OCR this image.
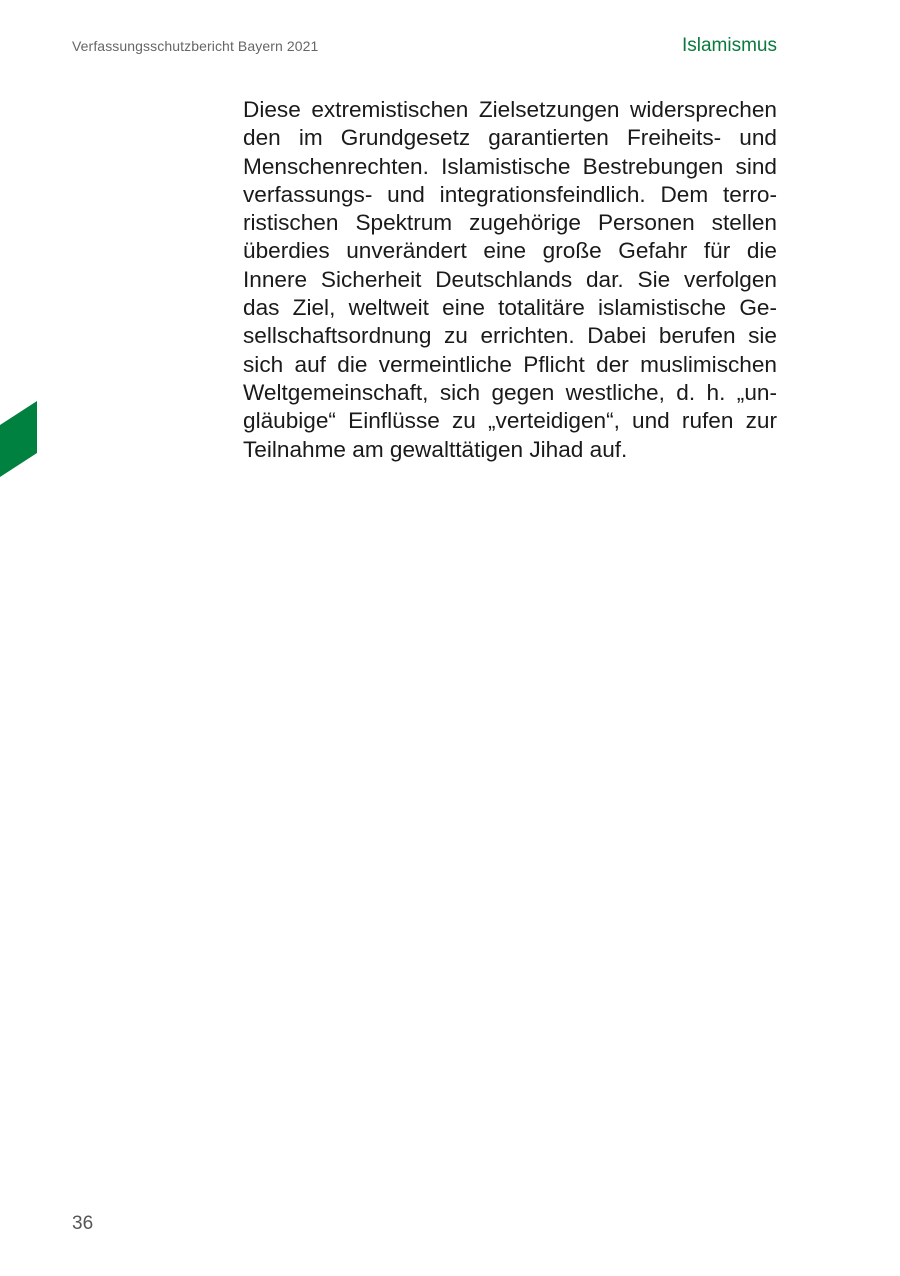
Verfassungsschutzbericht Bayern 2021	Islamismus
Diese extremistischen Zielsetzungen widersprechen
den im Grundgesetz garantierten Freiheits- und
Menschenrechten. Islamistische Bestrebungen sind
verfassungs- und integrationsfeindlich. Dem terro-
ristischen Spektrum zugehörige Personen stellen
überdies unverändert eine große Gefahr für die
Innere Sicherheit Deutschlands dar. Sie verfolgen
das Ziel, weltweit eine totalitäre islamistische Ge-
sellschaftsordnung zu errichten. Dabei berufen sie
sich auf die vermeintliche Pflicht der muslimischen
Weltgemeinschaft, sich gegen westliche, d. h. „un-
gläubige“ Einflüsse zu „verteidigen“, und rufen zur
Teilnahme am gewalttätigen Jihad auf.
36
